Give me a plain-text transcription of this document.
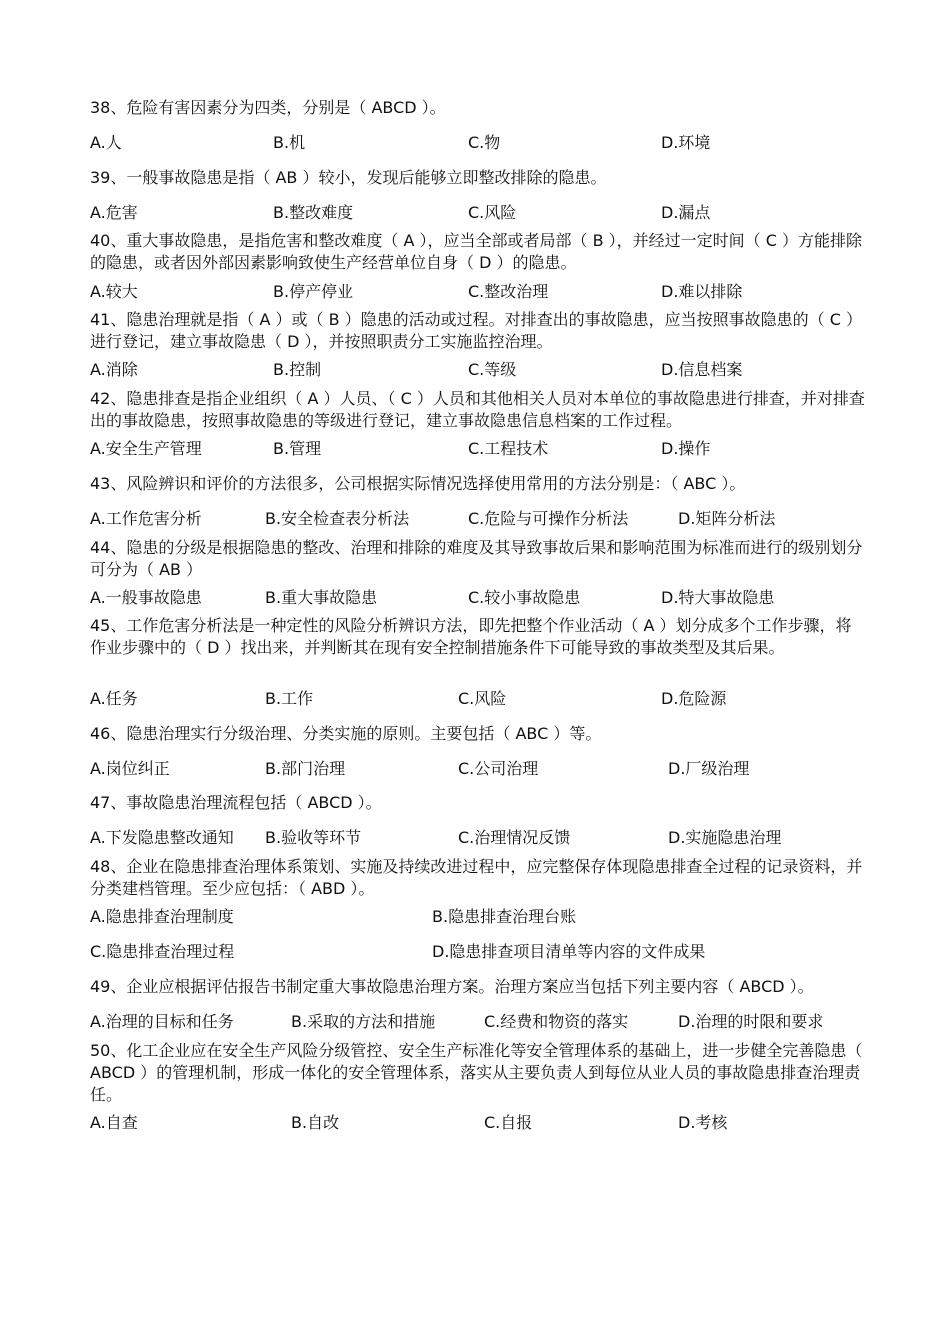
38、危险有害因素分为四类，分别是（ ABCD ）。
A.人	B.机	C.物	D.环境
39、一般事故隐患是指（ AB ）较小，发现后能够立即整改排除的隐患。
A.危害	B.整改难度	C.风险	D.漏点
40、重大事故隐患，是指危害和整改难度（ A ），应当全部或者局部（ B ），并经过一定时间（ C ）方能排除的隐患，或者因外部因素影响致使生产经营单位自身（ D ）的隐患。
A.较大	B.停产停业	C.整改治理	D.难以排除
41、隐患治理就是指（ A ）或（ B ）隐患的活动或过程。对排查出的事故隐患，应当按照事故隐患的（ C ）进行登记，建立事故隐患（ D ），并按照职责分工实施监控治理。
A.消除	B.控制	C.等级	D.信息档案
42、隐患排查是指企业组织（ A ）人员、（ C ）人员和其他相关人员对本单位的事故隐患进行排查，并对排查出的事故隐患，按照事故隐患的等级进行登记，建立事故隐患信息档案的工作过程。
A.安全生产管理	B.管理	C.工程技术	D.操作
43、风险辨识和评价的方法很多，公司根据实际情况选择使用常用的方法分别是：（ ABC ）。
A.工作危害分析	B.安全检查表分析法	C.危险与可操作分析法	D.矩阵分析法
44、隐患的分级是根据隐患的整改、治理和排除的难度及其导致事故后果和影响范围为标准而进行的级别划分可分为（ AB ）
A.一般事故隐患	B.重大事故隐患	C.较小事故隐患	D.特大事故隐患
45、工作危害分析法是一种定性的风险分析辨识方法，即先把整个作业活动（ A ）划分成多个工作步骤，将作业步骤中的（ D ）找出来，并判断其在现有安全控制措施条件下可能导致的事故类型及其后果。
A.任务	B.工作	C.风险	D.危险源
46、隐患治理实行分级治理、分类实施的原则。主要包括（ ABC ）等。
A.岗位纠正	B.部门治理	C.公司治理	D.厂级治理
47、事故隐患治理流程包括（ ABCD ）。
A.下发隐患整改通知 B.验收等环节	C.治理情况反馈	D.实施隐患治理
48、企业在隐患排查治理体系策划、实施及持续改进过程中，应完整保存体现隐患排查全过程的记录资料，并分类建档管理。至少应包括：（ ABD ）。
A.隐患排查治理制度	B.隐患排查治理台账
C.隐患排查治理过程	D.隐患排查项目清单等内容的文件成果
49、企业应根据评估报告书制定重大事故隐患治理方案。治理方案应当包括下列主要内容（ ABCD ）。
A.治理的目标和任务	B.采取的方法和措施	C.经费和物资的落实	D.治理的时限和要求
50、化工企业应在安全生产风险分级管控、安全生产标准化等安全管理体系的基础上，进一步健全完善隐患（ ABCD ）的管理机制，形成一体化的安全管理体系，落实从主要负责人到每位从业人员的事故隐患排查治理责任。
A.自查	B.自改	C.自报	D.考核
